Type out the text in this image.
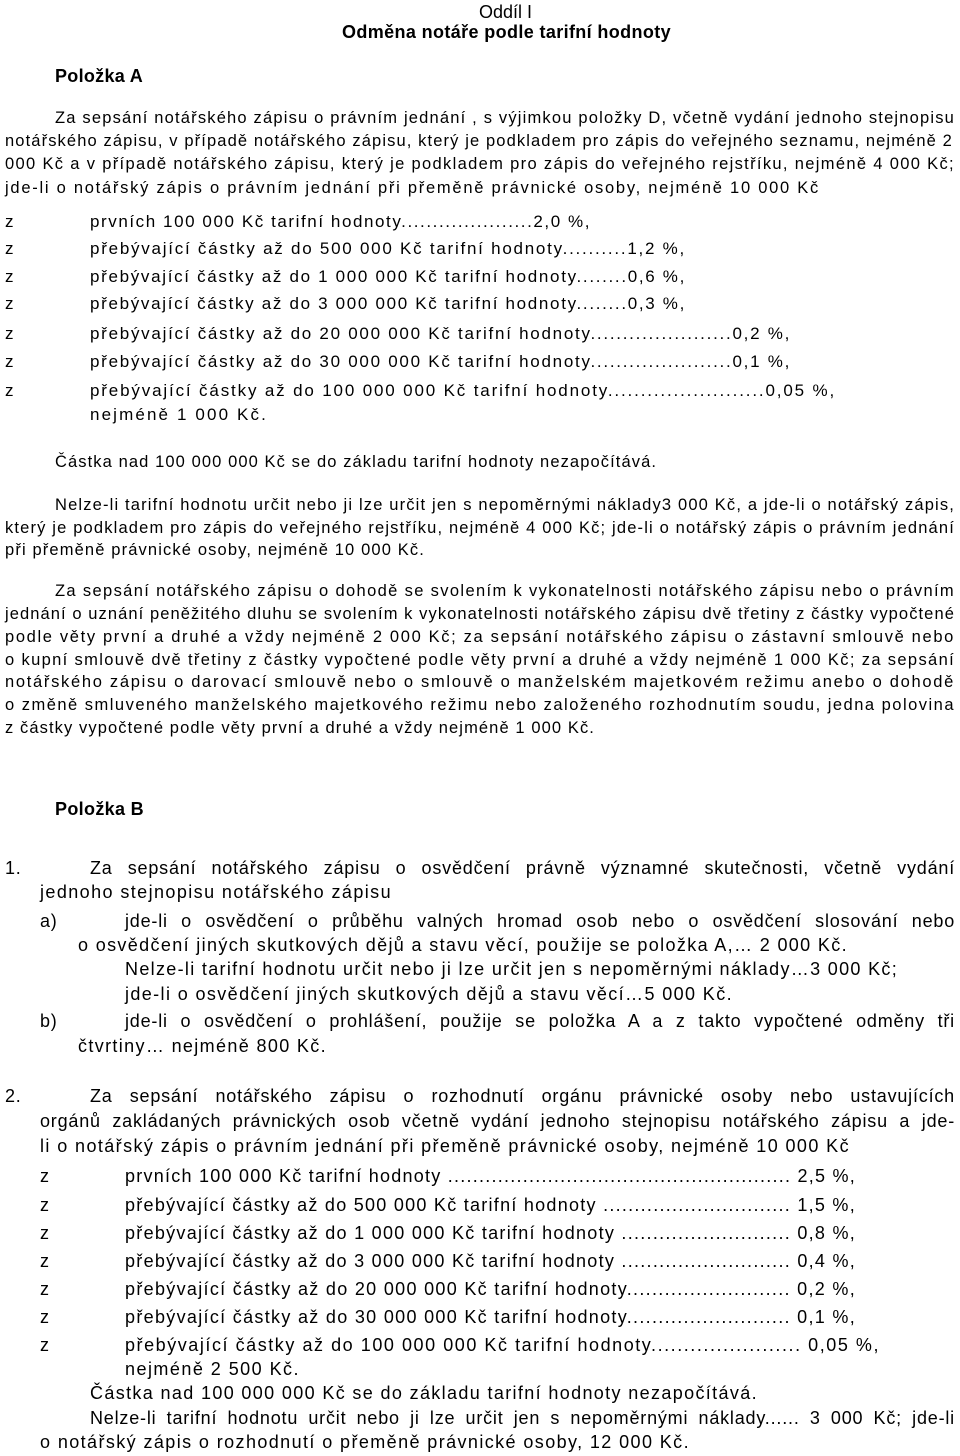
Oddíl I
Odměna notáře podle tarifní hodnoty
Položka A
Za sepsání notářského zápisu o právním jednání , s výjimkou položky D, včetně vydání jednoho stejnopisu
notářského zápisu, v případě notářského zápisu, který je podkladem pro zápis do veřejného seznamu, nejméně 2
000 Kč a v případě notářského zápisu, který je podkladem pro zápis do veřejného rejstříku, nejméně 4 000 Kč;
jde-li o notářský zápis o právním jednání při přeměně právnické osoby, nejméně 10 000 Kč
z	prvních 100 000 Kč tarifní hodnoty.....................2,0 %,
z	přebývající částky až do 500 000 Kč tarifní hodnoty..........1,2 %,
z	přebývající částky až do 1 000 000 Kč tarifní hodnoty........0,6 %,
z	přebývající částky až do 3 000 000 Kč tarifní hodnoty........0,3 %,
z	přebývající částky až do 20 000 000 Kč tarifní hodnoty......................0,2 %,
z	přebývající částky až do 30 000 000 Kč tarifní hodnoty......................0,1 %,
z	přebývající částky až do 100 000 000 Kč tarifní hodnoty........................0,05 %,
nejméně 1 000 Kč.
Částka nad 100 000 000 Kč se do základu tarifní hodnoty nezapočítává.
Nelze-li tarifní hodnotu určit nebo ji lze určit jen s nepoměrnými náklady3 000 Kč, a jde-li o notářský zápis,
který je podkladem pro zápis do veřejného rejstříku, nejméně 4 000 Kč; jde-li o notářský zápis o právním jednání
při přeměně právnické osoby, nejméně 10 000 Kč.
Za sepsání notářského zápisu o dohodě se svolením k vykonatelnosti notářského zápisu nebo o právním
jednání o uznání peněžitého dluhu se svolením k vykonatelnosti notářského zápisu dvě třetiny z částky vypočtené
podle věty první a druhé a vždy nejméně 2 000 Kč; za sepsání notářského zápisu o zástavní smlouvě nebo
o kupní smlouvě dvě třetiny z částky vypočtené podle věty první a druhé a vždy nejméně 1 000 Kč; za sepsání
notářského zápisu o darovací smlouvě nebo o smlouvě o manželském majetkovém režimu anebo o dohodě
o změně smluveného manželského majetkového režimu nebo založeného rozhodnutím soudu, jedna polovina
z částky vypočtené podle věty první a druhé a vždy nejméně 1 000 Kč.
Položka B
1.	Za sepsání notářského zápisu o osvědčení právně významné skutečnosti, včetně vydání
jednoho stejnopisu notářského zápisu
a)	jde-li o osvědčení o průběhu valných hromad osob nebo o osvědčení slosování nebo
o osvědčení jiných skutkových dějů a stavu věcí, použije se položka A,… 2 000 Kč.
Nelze-li tarifní hodnotu určit nebo ji lze určit jen s nepoměrnými náklady…3 000 Kč;
jde-li o osvědčení jiných skutkových dějů a stavu věcí…5 000 Kč.
b)	jde-li o osvědčení o prohlášení, použije se položka A a z takto vypočtené odměny tři
čtvrtiny… nejméně 800 Kč.
2.	Za sepsání notářského zápisu o rozhodnutí orgánu právnické osoby nebo ustavujících
orgánů zakládaných právnických osob včetně vydání jednoho stejnopisu notářského zápisu a jde-
li o notářský zápis o právním jednání při přeměně právnické osoby, nejméně 10 000 Kč
z	prvních 100 000 Kč tarifní hodnoty ....................................................... 2,5 %,
z	přebývající částky až do 500 000 Kč tarifní hodnoty .............................. 1,5 %,
z	přebývající částky až do 1 000 000 Kč tarifní hodnoty ........................... 0,8 %,
z	přebývající částky až do 3 000 000 Kč tarifní hodnoty ........................... 0,4 %,
z	přebývající částky až do 20 000 000 Kč tarifní hodnoty.......................... 0,2 %,
z	přebývající částky až do 30 000 000 Kč tarifní hodnoty.......................... 0,1 %,
z	přebývající částky až do 100 000 000 Kč tarifní hodnoty....................... 0,05 %,
nejméně 2 500 Kč.
Částka nad 100 000 000 Kč se do základu tarifní hodnoty nezapočítává.
Nelze-li tarifní hodnotu určit nebo ji lze určit jen s nepoměrnými náklady...... 3 000 Kč; jde-li
o notářský zápis o rozhodnutí o přeměně právnické osoby, 12 000 Kč.
